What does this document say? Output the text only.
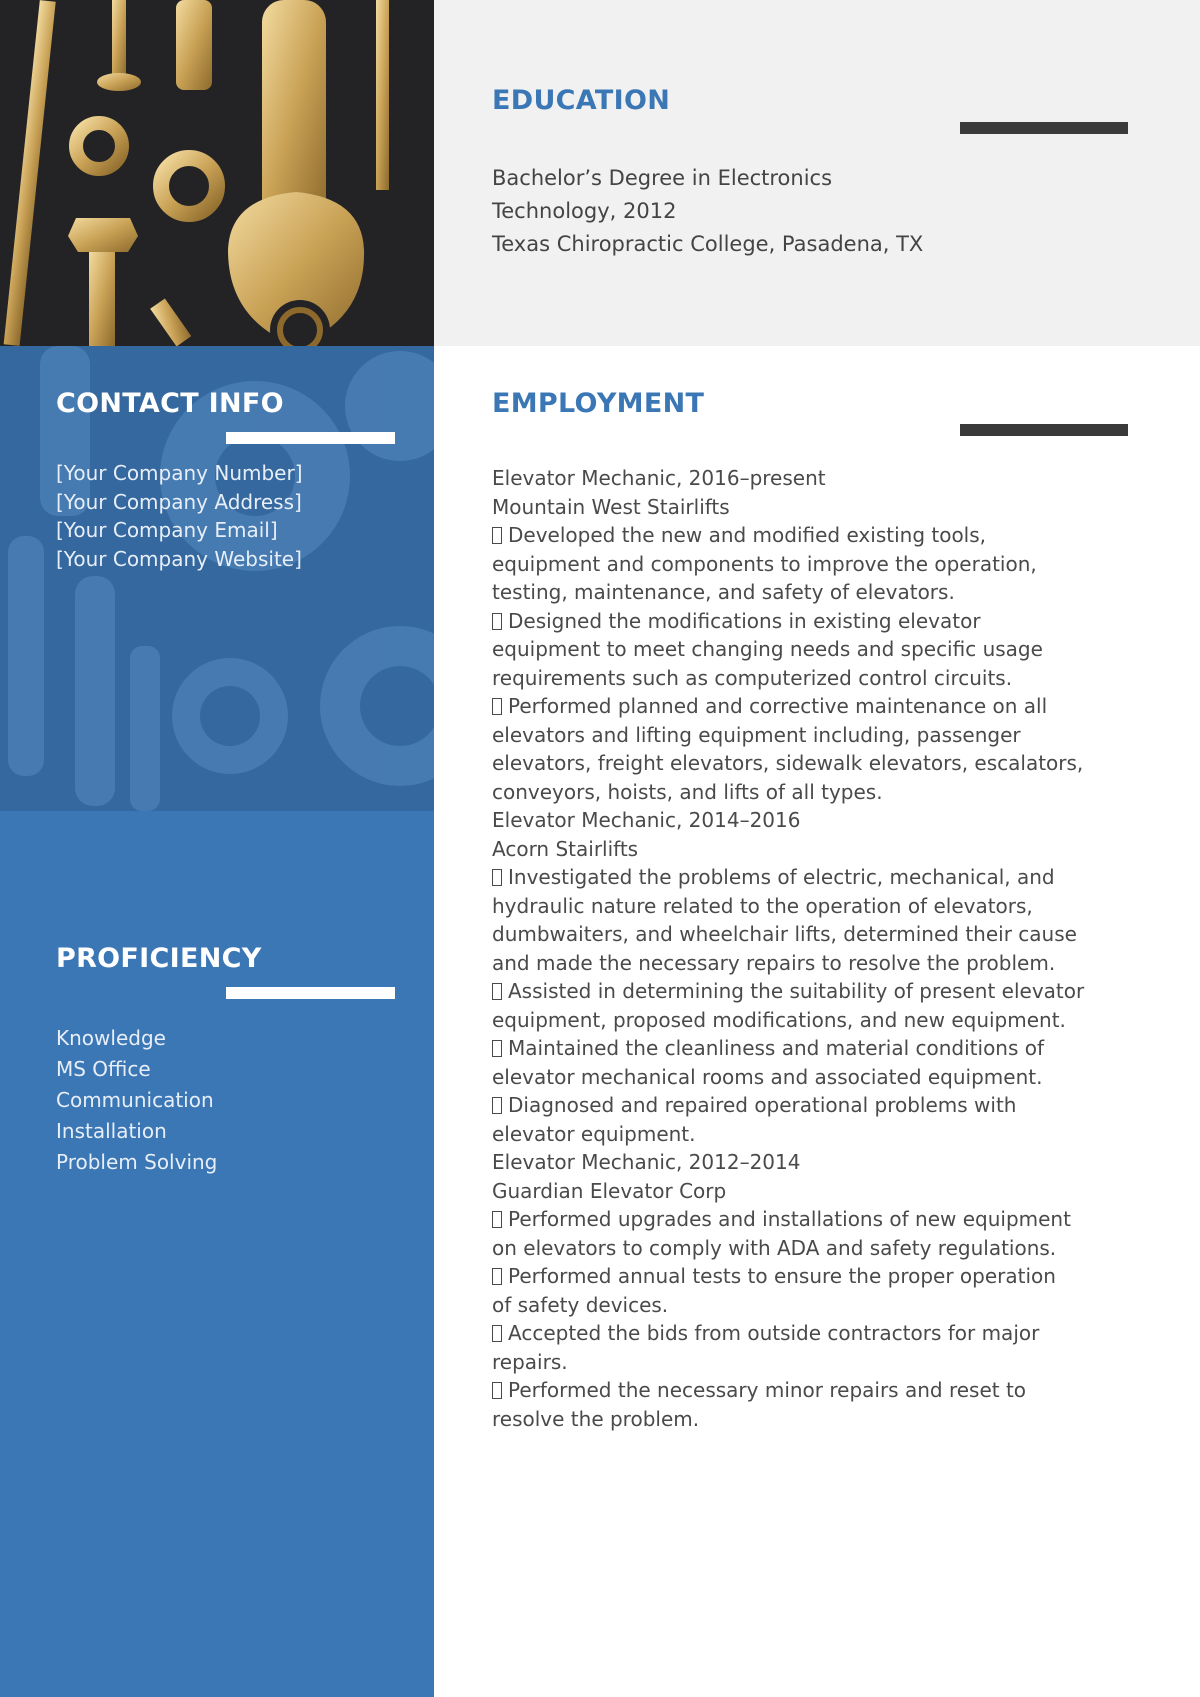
CONTACT INFO
[Your Company Number]
[Your Company Address]
[Your Company Email]
[Your Company Website]
PROFICIENCY
Knowledge
MS Office
Communication
Installation
Problem Solving
EDUCATION
Bachelor’s Degree in Electronics
Technology, 2012
Texas Chiropractic College, Pasadena, TX
EMPLOYMENT
Elevator Mechanic, 2016–present
Mountain West Stairlifts
Developed the new and modified existing tools,
equipment and components to improve the operation,
testing, maintenance, and safety of elevators.
Designed the modifications in existing elevator
equipment to meet changing needs and specific usage
requirements such as computerized control circuits.
Performed planned and corrective maintenance on all
elevators and lifting equipment including, passenger
elevators, freight elevators, sidewalk elevators, escalators,
conveyors, hoists, and lifts of all types.
Elevator Mechanic, 2014–2016
Acorn Stairlifts
Investigated the problems of electric, mechanical, and
hydraulic nature related to the operation of elevators,
dumbwaiters, and wheelchair lifts, determined their cause
and made the necessary repairs to resolve the problem.
Assisted in determining the suitability of present elevator
equipment, proposed modifications, and new equipment.
Maintained the cleanliness and material conditions of
elevator mechanical rooms and associated equipment.
Diagnosed and repaired operational problems with
elevator equipment.
Elevator Mechanic, 2012–2014
Guardian Elevator Corp
Performed upgrades and installations of new equipment
on elevators to comply with ADA and safety regulations.
Performed annual tests to ensure the proper operation
of safety devices.
Accepted the bids from outside contractors for major
repairs.
Performed the necessary minor repairs and reset to
resolve the problem.
